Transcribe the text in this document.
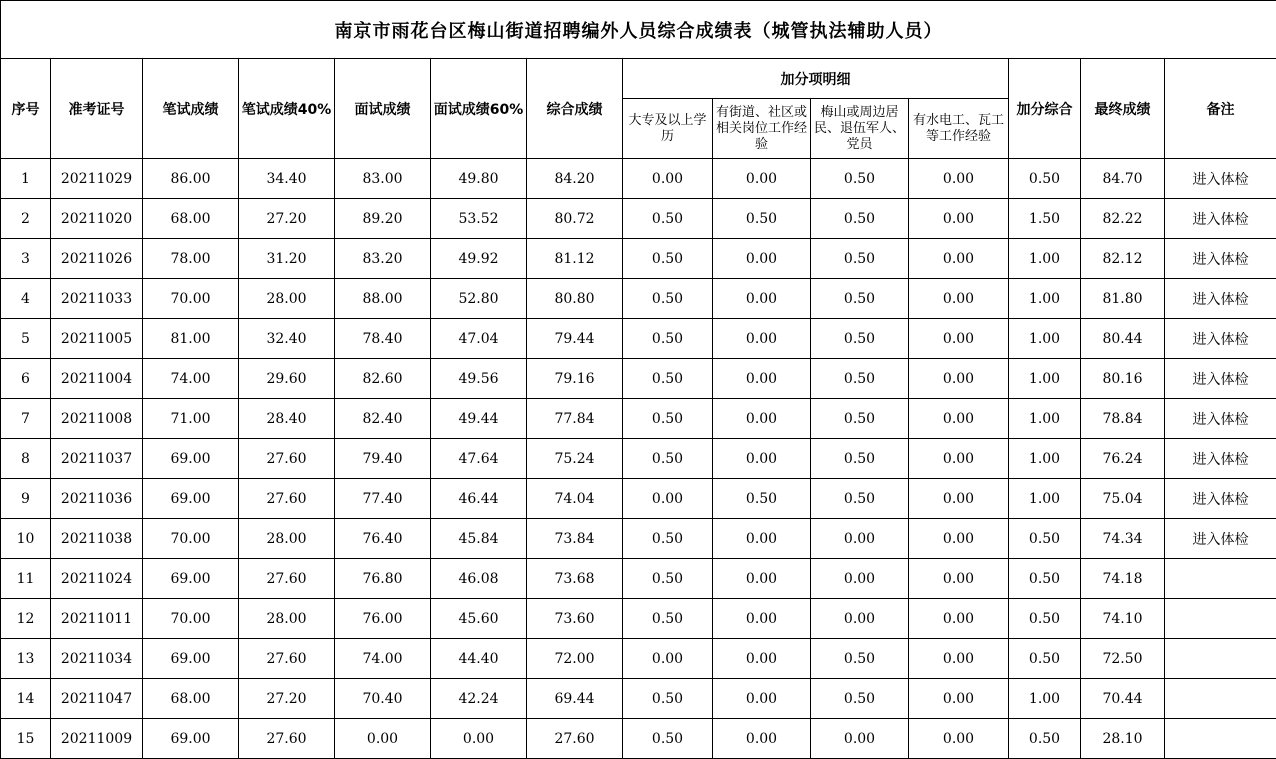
南京市雨花台区梅山街道招聘编外人员综合成绩表（城管执法辅助人员）													
序号	准考证号	笔试成绩	笔试成绩40%	面试成绩	面试成绩60%	综合成绩	加分项明细				加分综合	最终成绩	备注
							大专及以上学历	有街道、社区或相关岗位工作经验	梅山或周边居民、退伍军人、党员	有水电工、瓦工等工作经验			
1	20211029	86.00	34.40	83.00	49.80	84.20	0.00	0.00	0.50	0.00	0.50	84.70	进入体检
2	20211020	68.00	27.20	89.20	53.52	80.72	0.50	0.50	0.50	0.00	1.50	82.22	进入体检
3	20211026	78.00	31.20	83.20	49.92	81.12	0.50	0.00	0.50	0.00	1.00	82.12	进入体检
4	20211033	70.00	28.00	88.00	52.80	80.80	0.50	0.00	0.50	0.00	1.00	81.80	进入体检
5	20211005	81.00	32.40	78.40	47.04	79.44	0.50	0.00	0.50	0.00	1.00	80.44	进入体检
6	20211004	74.00	29.60	82.60	49.56	79.16	0.50	0.00	0.50	0.00	1.00	80.16	进入体检
7	20211008	71.00	28.40	82.40	49.44	77.84	0.50	0.00	0.50	0.00	1.00	78.84	进入体检
8	20211037	69.00	27.60	79.40	47.64	75.24	0.50	0.00	0.50	0.00	1.00	76.24	进入体检
9	20211036	69.00	27.60	77.40	46.44	74.04	0.00	0.50	0.50	0.00	1.00	75.04	进入体检
10	20211038	70.00	28.00	76.40	45.84	73.84	0.50	0.00	0.00	0.00	0.50	74.34	进入体检
11	20211024	69.00	27.60	76.80	46.08	73.68	0.50	0.00	0.00	0.00	0.50	74.18	
12	20211011	70.00	28.00	76.00	45.60	73.60	0.50	0.00	0.00	0.00	0.50	74.10	
13	20211034	69.00	27.60	74.00	44.40	72.00	0.00	0.00	0.50	0.00	0.50	72.50	
14	20211047	68.00	27.20	70.40	42.24	69.44	0.50	0.00	0.50	0.00	1.00	70.44	
15	20211009	69.00	27.60	0.00	0.00	27.60	0.50	0.00	0.00	0.00	0.50	28.10	
